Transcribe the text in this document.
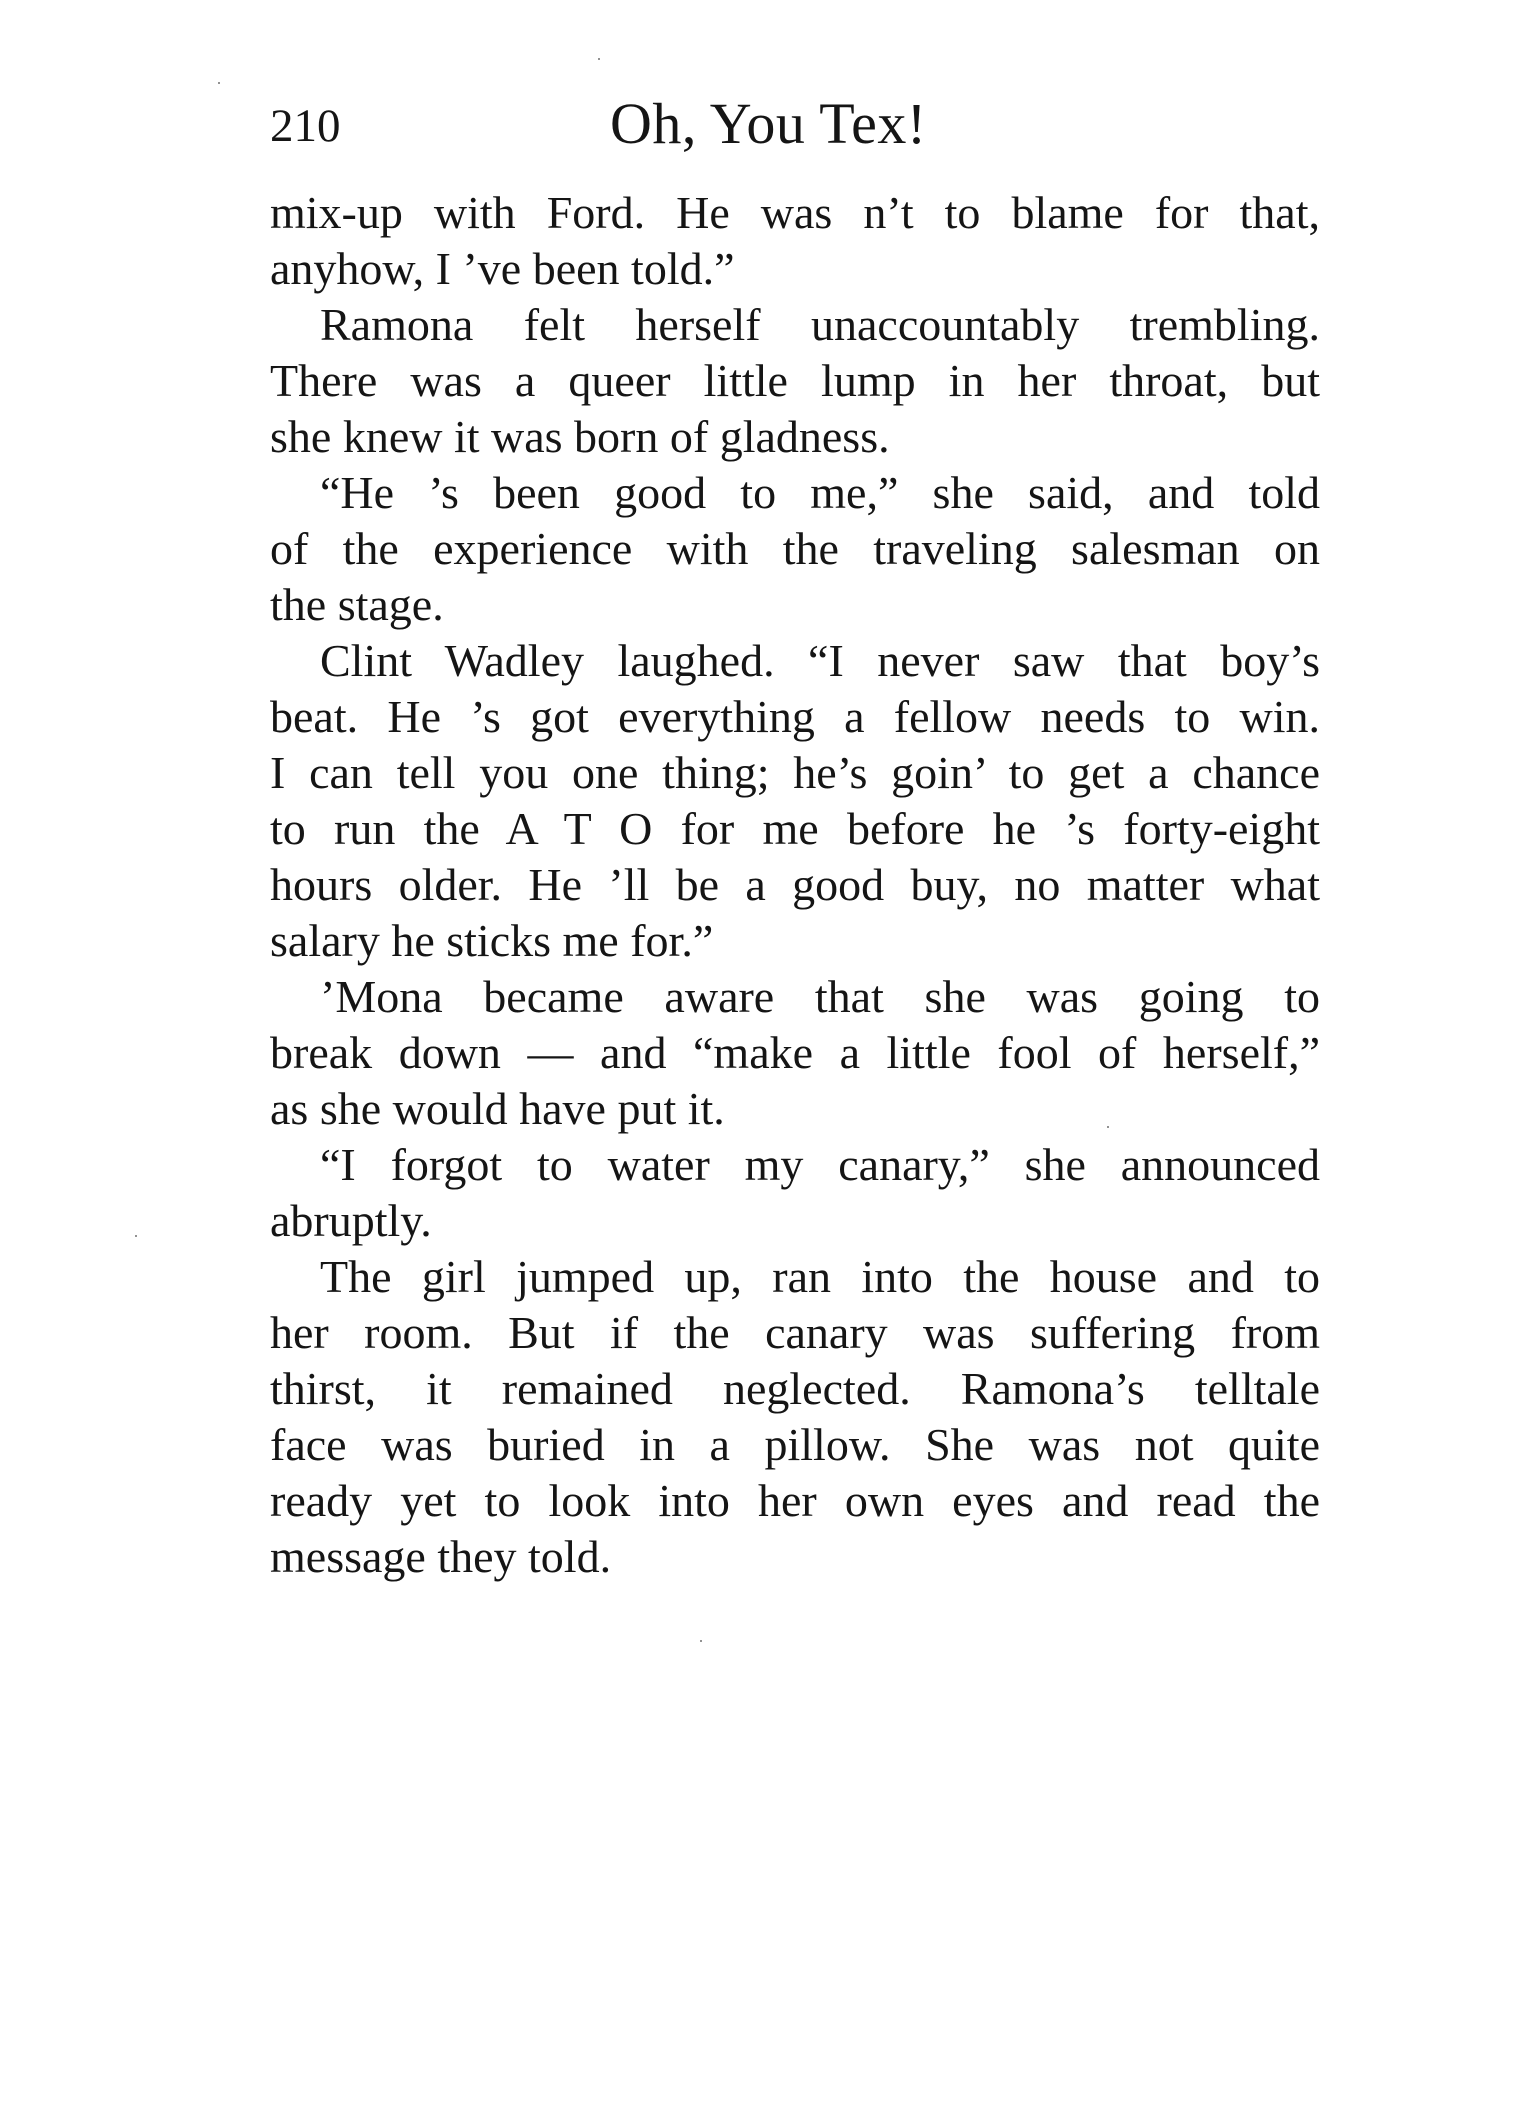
210	Oh, You Tex!
mix-up with Ford. He was n’t to blame for that,
anyhow, I ’ve been told.”
Ramona felt herself unaccountably trembling.
There was a queer little lump in her throat, but
she knew it was born of gladness.
“He ’s been good to me,” she said, and told
of the experience with the traveling salesman on
the stage.
Clint Wadley laughed. “I never saw that boy’s
beat. He ’s got everything a fellow needs to win.
I can tell you one thing; he’s goin’ to get a chance
to run the A T O for me before he ’s forty-eight
hours older. He ’ll be a good buy, no matter what
salary he sticks me for.”
’Mona became aware that she was going to
break down — and “make a little fool of herself,”
as she would have put it.
“I forgot to water my canary,” she announced
abruptly.
The girl jumped up, ran into the house and to
her room. But if the canary was suffering from
thirst, it remained neglected. Ramona’s telltale
face was buried in a pillow. She was not quite
ready yet to look into her own eyes and read the
message they told.
